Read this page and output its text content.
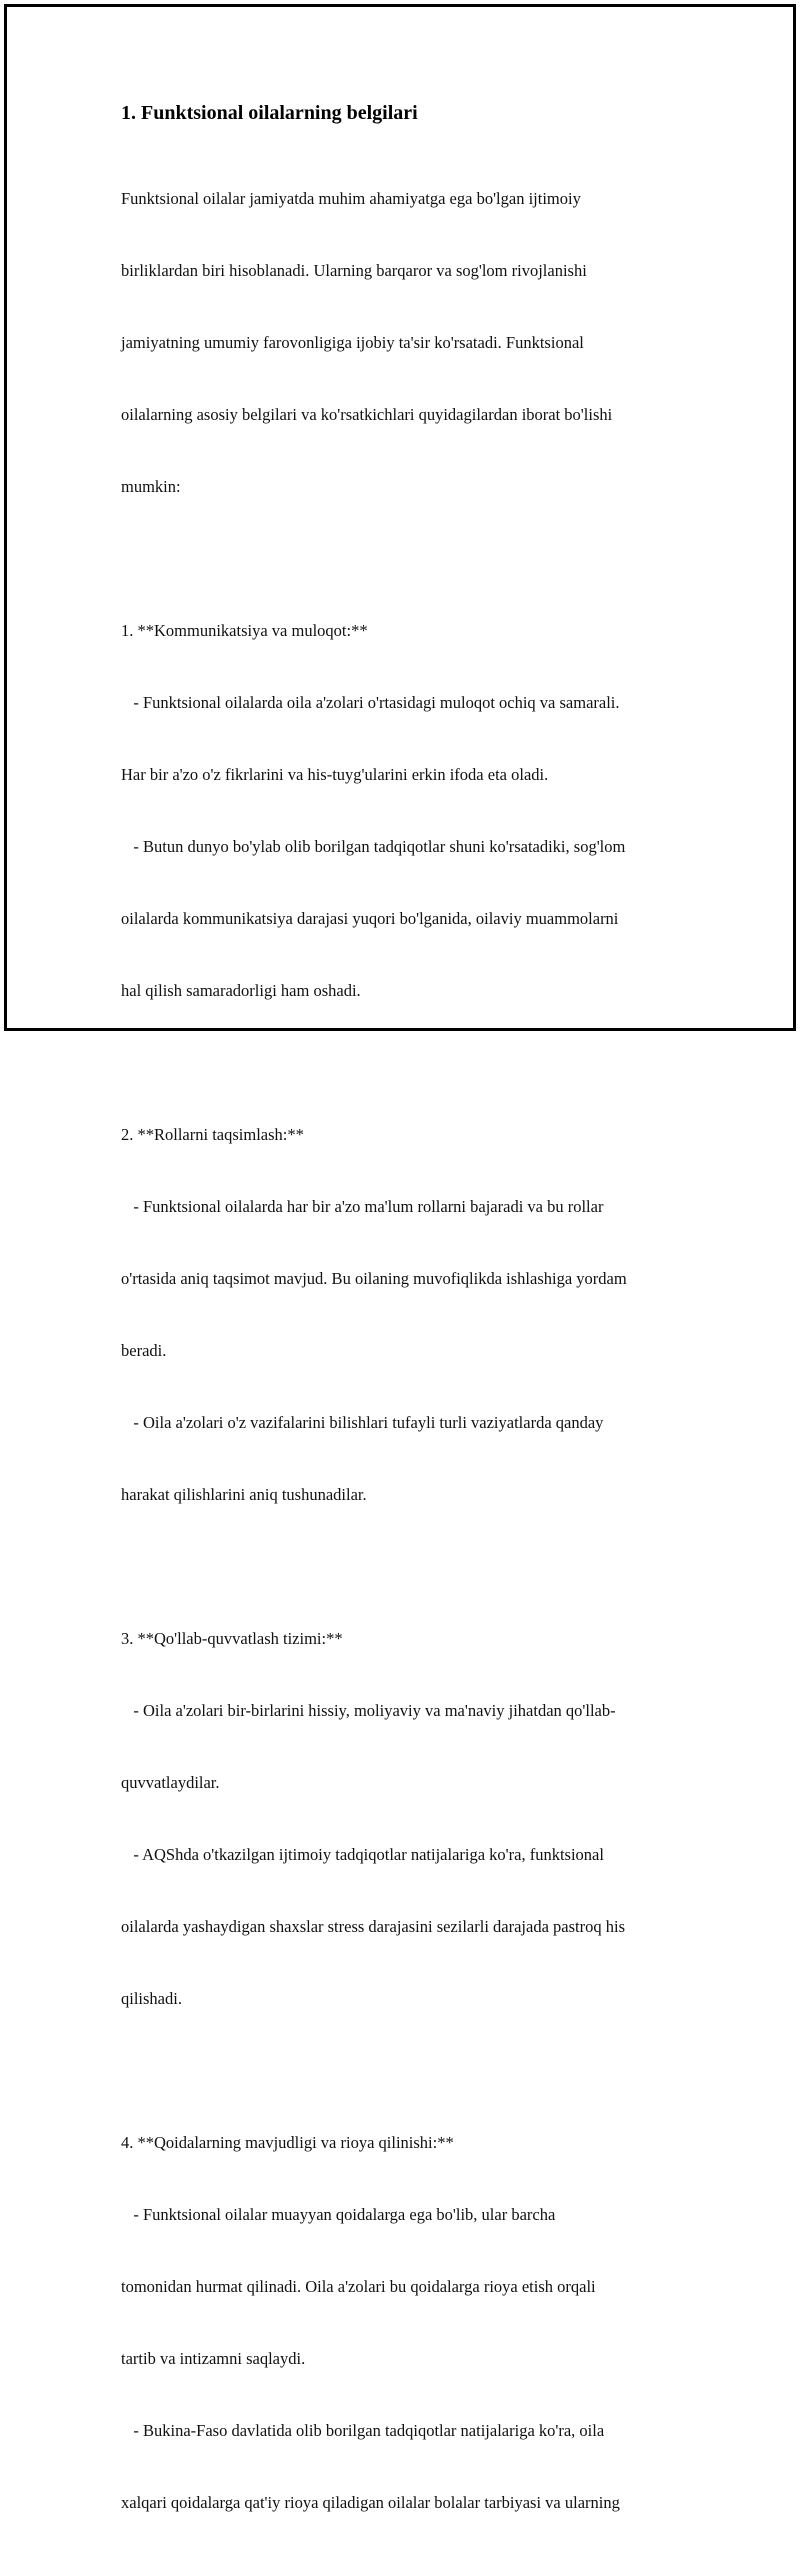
1. Funktsional oilalarning belgilari

Funktsional oilalar jamiyatda muhim ahamiyatga ega bo'lgan ijtimoiy

birliklardan biri hisoblanadi. Ularning barqaror va sog'lom rivojlanishi

jamiyatning umumiy farovonligiga ijobiy ta'sir ko'rsatadi. Funktsional

oilalarning asosiy belgilari va ko'rsatkichlari quyidagilardan iborat bo'lishi

mumkin:

1. **Kommunikatsiya va muloqot:**

- Funktsional oilalarda oila a'zolari o'rtasidagi muloqot ochiq va samarali.

Har bir a'zo o'z fikrlarini va his-tuyg'ularini erkin ifoda eta oladi.

- Butun dunyo bo'ylab olib borilgan tadqiqotlar shuni ko'rsatadiki, sog'lom

oilalarda kommunikatsiya darajasi yuqori bo'lganida, oilaviy muammolarni

hal qilish samaradorligi ham oshadi.

2. **Rollarni taqsimlash:**

- Funktsional oilalarda har bir a'zo ma'lum rollarni bajaradi va bu rollar

o'rtasida aniq taqsimot mavjud. Bu oilaning muvofiqlikda ishlashiga yordam

beradi.

- Oila a'zolari o'z vazifalarini bilishlari tufayli turli vaziyatlarda qanday

harakat qilishlarini aniq tushunadilar.

3. **Qo'llab-quvvatlash tizimi:**

- Oila a'zolari bir-birlarini hissiy, moliyaviy va ma'naviy jihatdan qo'llab-

quvvatlaydilar.

- AQShda o'tkazilgan ijtimoiy tadqiqotlar natijalariga ko'ra, funktsional

oilalarda yashaydigan shaxslar stress darajasini sezilarli darajada pastroq his

qilishadi.

4. **Qoidalarning mavjudligi va rioya qilinishi:**

- Funktsional oilalar muayyan qoidalarga ega bo'lib, ular barcha

tomonidan hurmat qilinadi. Oila a'zolari bu qoidalarga rioya etish orqali

tartib va intizamni saqlaydi.

- Bukina-Faso davlatida olib borilgan tadqiqotlar natijalariga ko'ra, oila

xalqari qoidalarga qat'iy rioya qiladigan oilalar bolalar tarbiyasi va ularning
